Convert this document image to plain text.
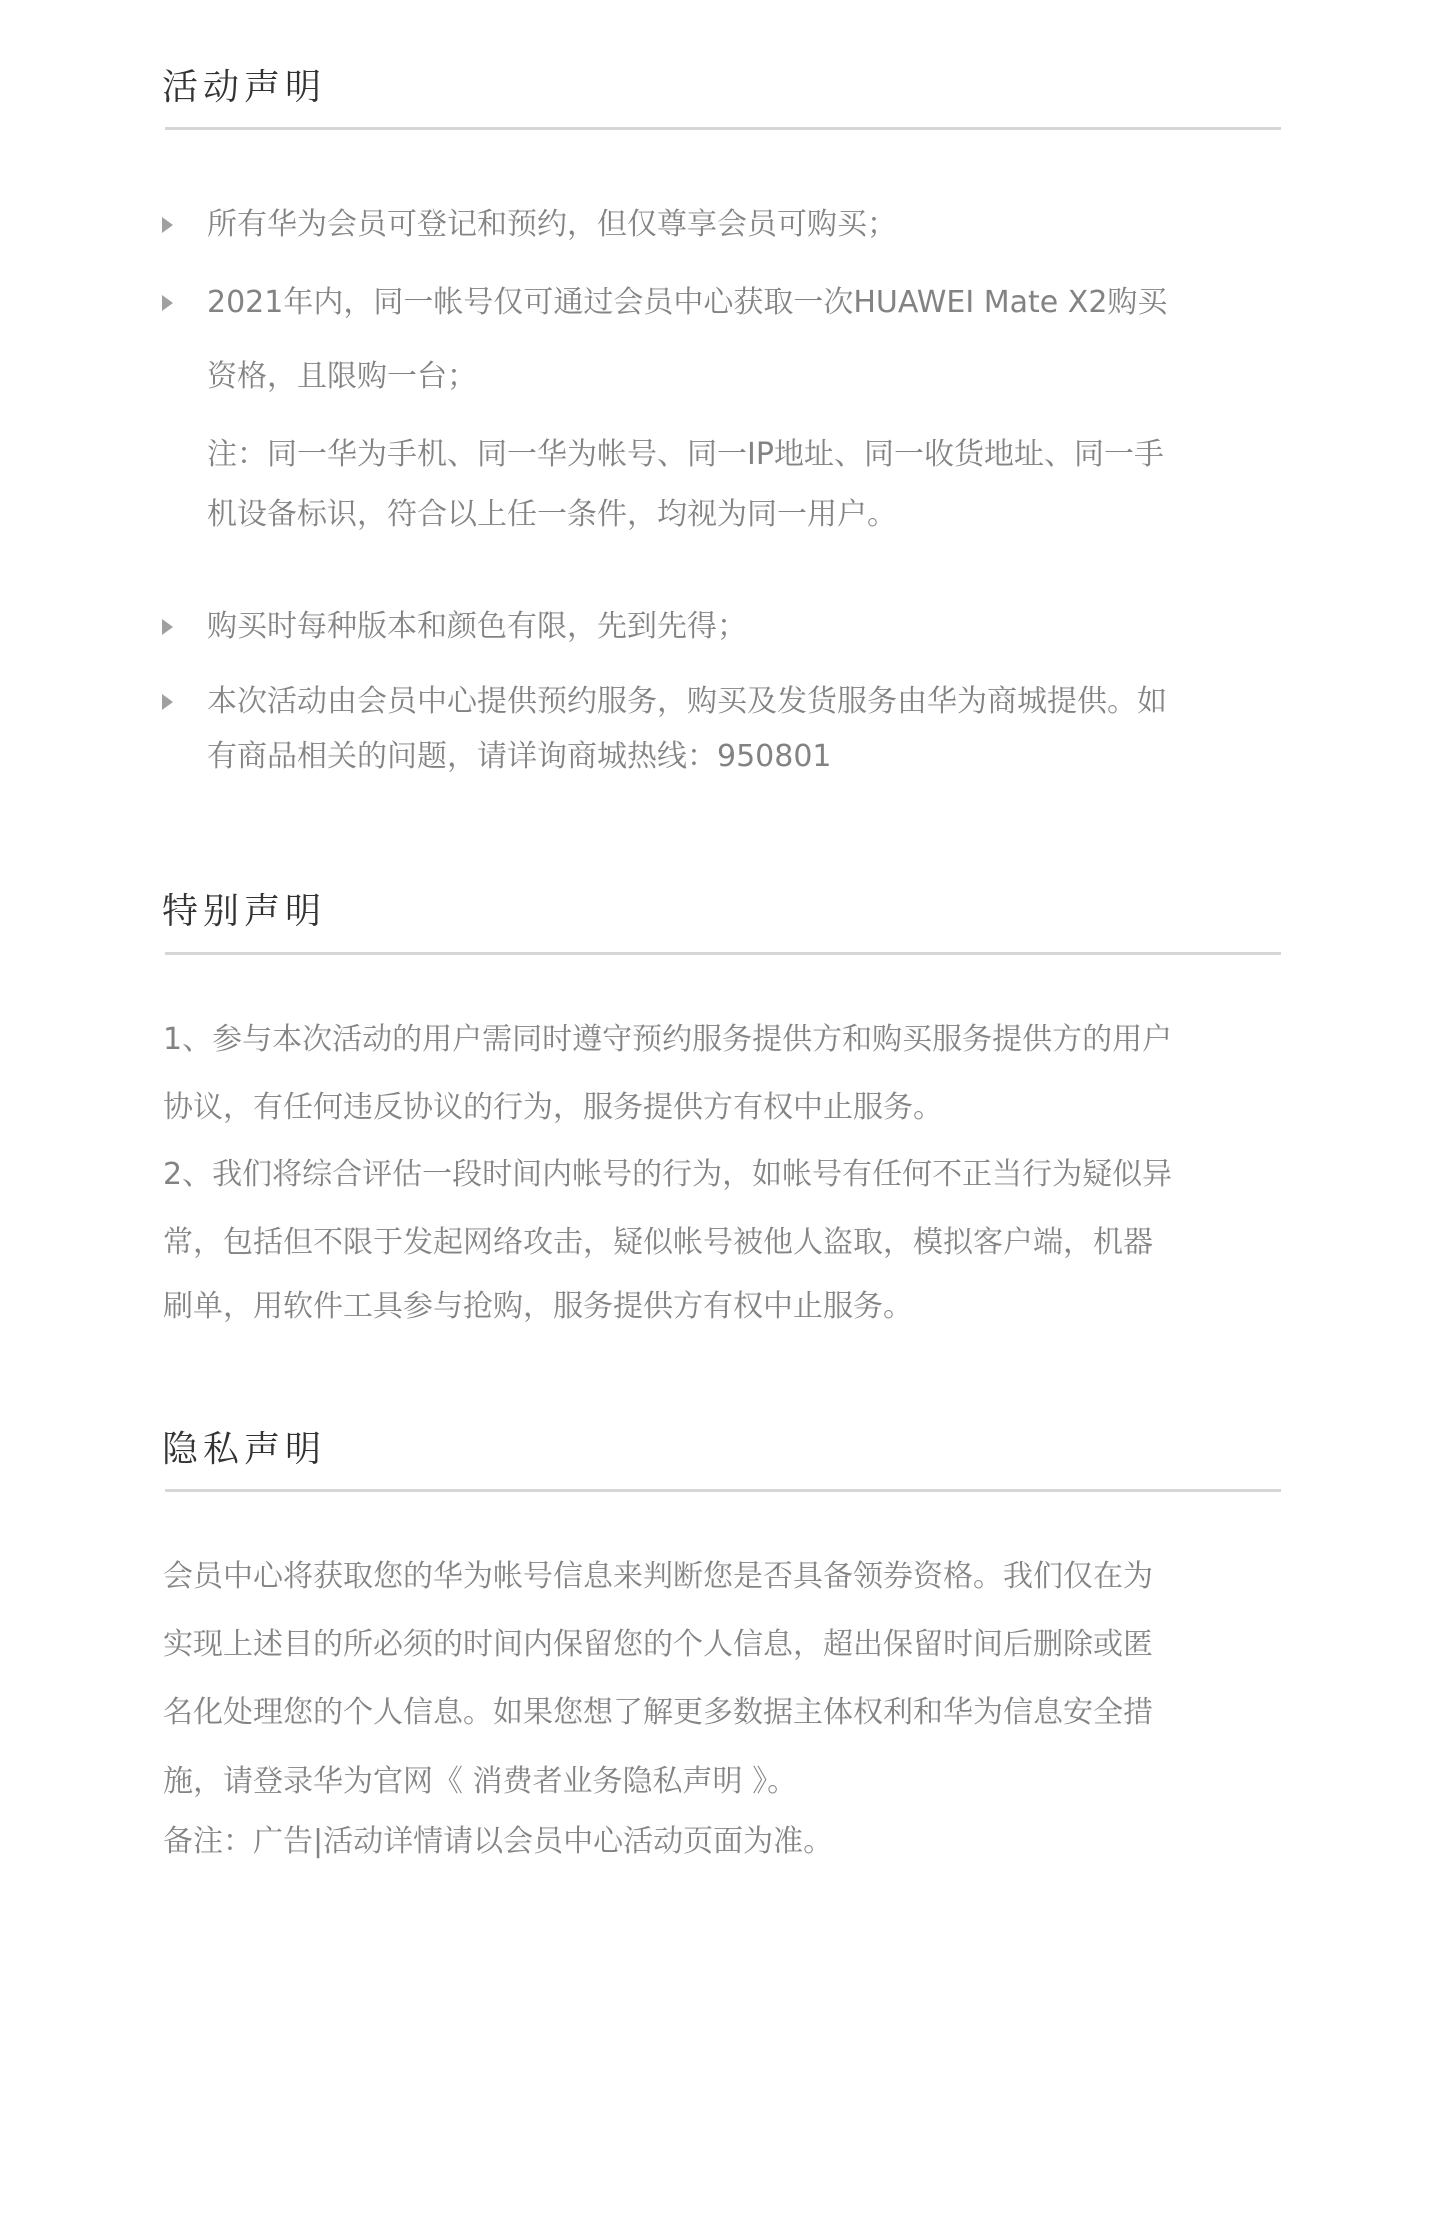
活动声明
所有华为会员可登记和预约，但仅尊享会员可购买；
2021年内，同一帐号仅可通过会员中心获取一次HUAWEI Mate X2购买
资格，且限购一台；
注：同一华为手机、同一华为帐号、同一IP地址、同一收货地址、同一手
机设备标识，符合以上任一条件，均视为同一用户。
购买时每种版本和颜色有限，先到先得；
本次活动由会员中心提供预约服务，购买及发货服务由华为商城提供。如
有商品相关的问题，请详询商城热线：950801
特别声明
1、参与本次活动的用户需同时遵守预约服务提供方和购买服务提供方的用户
协议，有任何违反协议的行为，服务提供方有权中止服务。
2、我们将综合评估一段时间内帐号的行为，如帐号有任何不正当行为疑似异
常，包括但不限于发起网络攻击，疑似帐号被他人盗取，模拟客户端，机器
刷单，用软件工具参与抢购，服务提供方有权中止服务。
隐私声明
会员中心将获取您的华为帐号信息来判断您是否具备领券资格。我们仅在为
实现上述目的所必须的时间内保留您的个人信息，超出保留时间后删除或匿
名化处理您的个人信息。如果您想了解更多数据主体权利和华为信息安全措
施，请登录华为官网《 消费者业务隐私声明 》。
备注：广告|活动详情请以会员中心活动页面为准。
